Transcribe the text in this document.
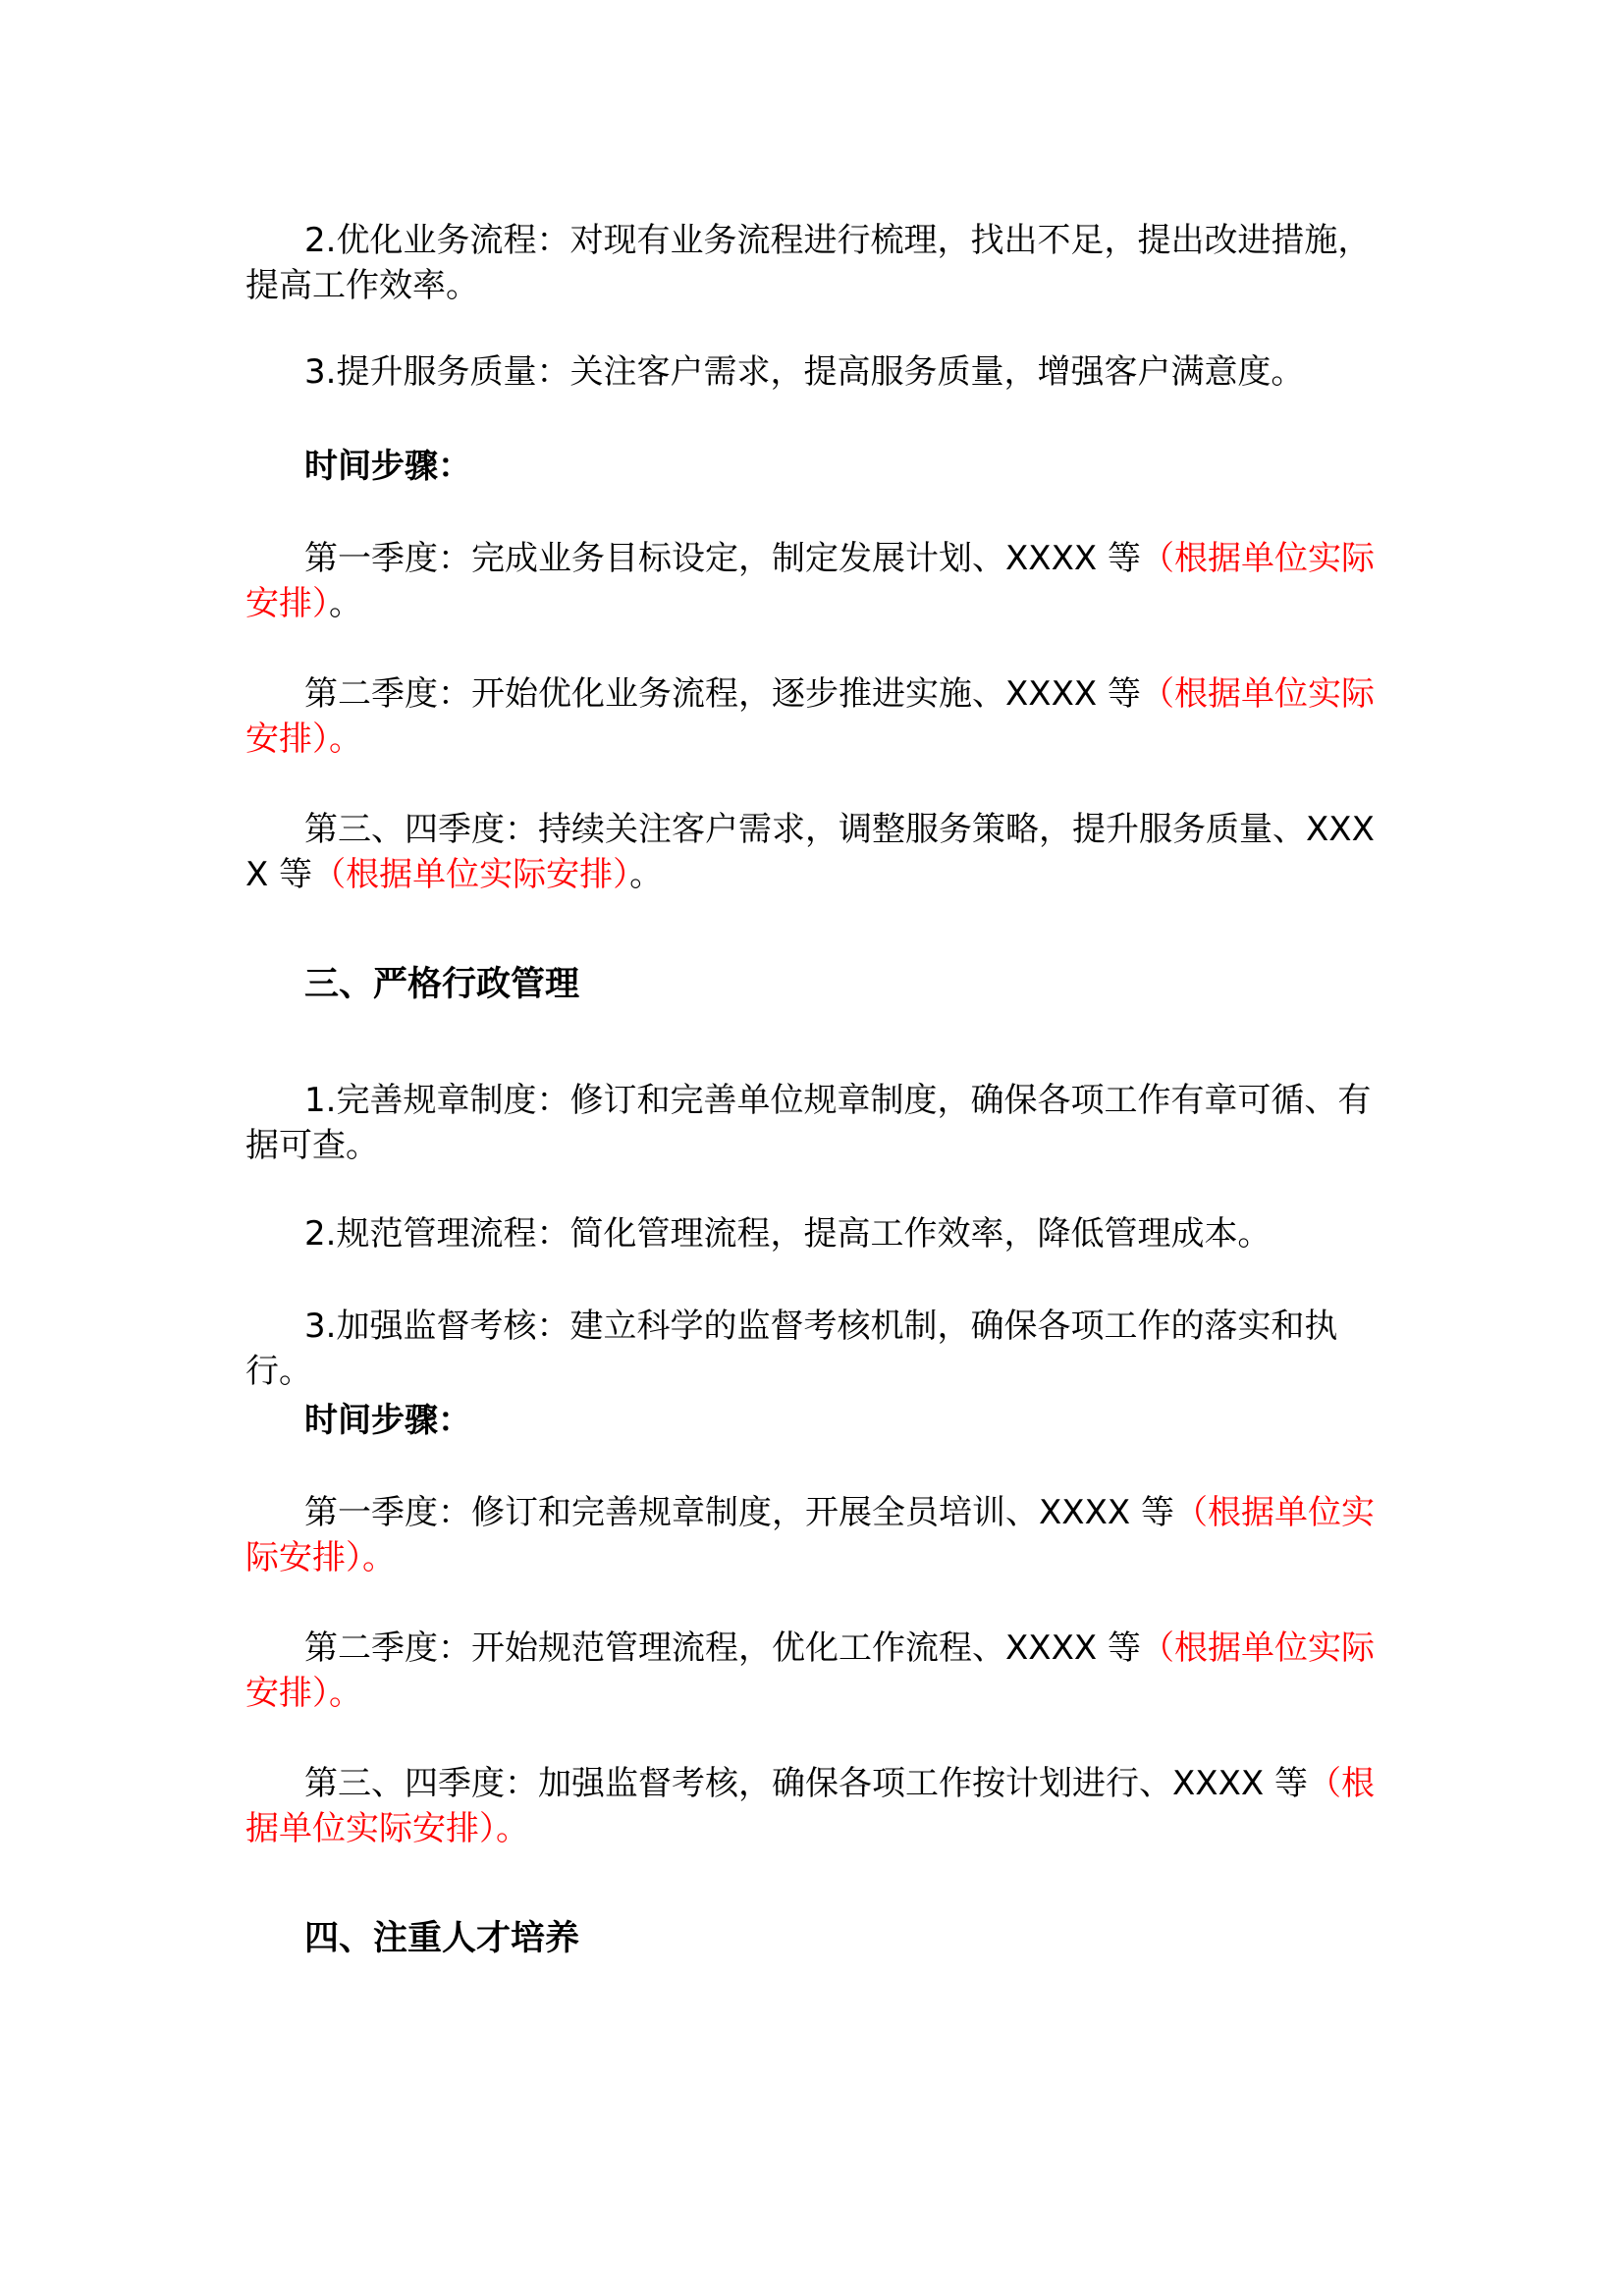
2.优化业务流程：对现有业务流程进行梳理，找出不足，提出改进措施，提高工作效率。

3.提升服务质量：关注客户需求，提高服务质量，增强客户满意度。

时间步骤：

第一季度：完成业务目标设定，制定发展计划、XXXX 等（根据单位实际安排）。

第二季度：开始优化业务流程，逐步推进实施、XXXX 等（根据单位实际安排）。

第三、四季度：持续关注客户需求，调整服务策略，提升服务质量、XXXX 等（根据单位实际安排）。

三、严格行政管理

1.完善规章制度：修订和完善单位规章制度，确保各项工作有章可循、有据可查。

2.规范管理流程：简化管理流程，提高工作效率，降低管理成本。

3.加强监督考核：建立科学的监督考核机制，确保各项工作的落实和执行。

时间步骤：

第一季度：修订和完善规章制度，开展全员培训、XXXX 等（根据单位实际安排）。

第二季度：开始规范管理流程，优化工作流程、XXXX 等（根据单位实际安排）。

第三、四季度：加强监督考核，确保各项工作按计划进行、XXXX 等（根据单位实际安排）。

四、注重人才培养
